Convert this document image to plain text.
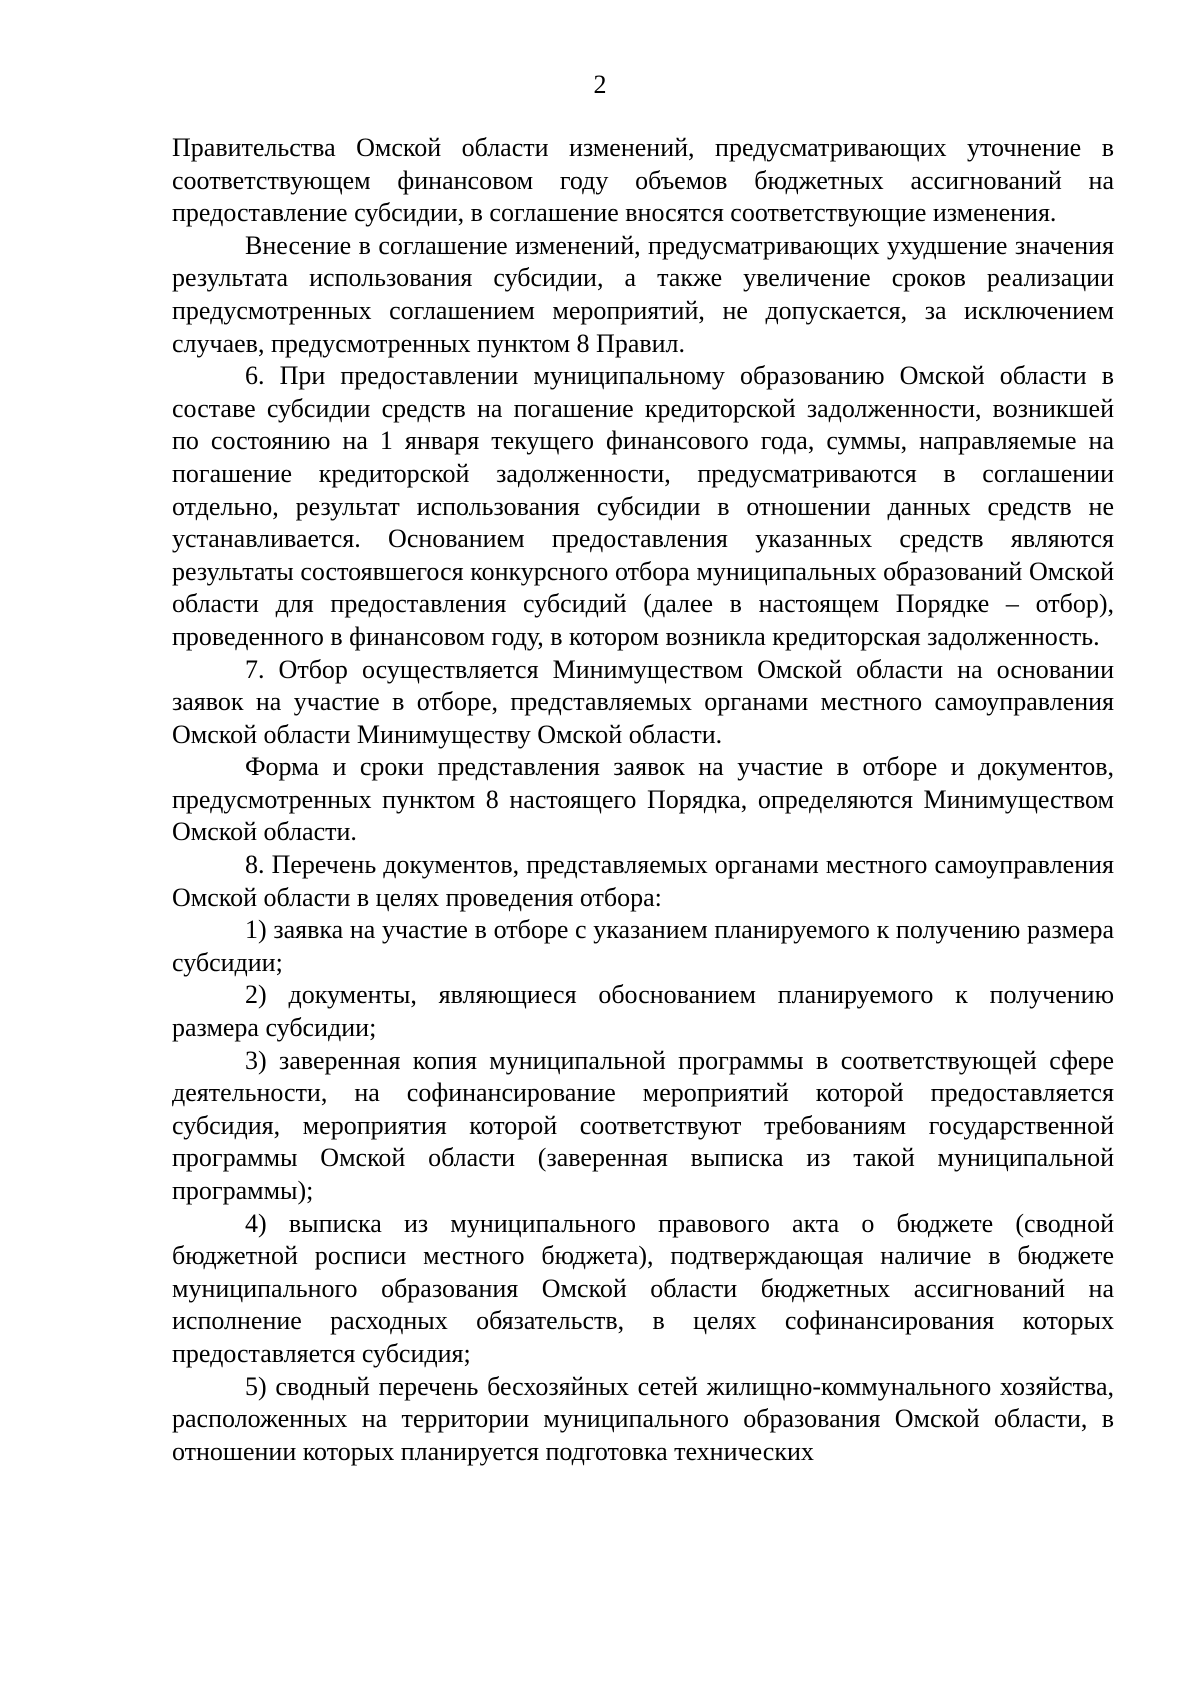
2

Правительства Омской области изменений, предусматривающих уточнение в соответствующем финансовом году объемов бюджетных ассигнований на предоставление субсидии, в соглашение вносятся соответствующие изменения.

Внесение в соглашение изменений, предусматривающих ухудшение значения результата использования субсидии, а также увеличение сроков реализации предусмотренных соглашением мероприятий, не допускается, за исключением случаев, предусмотренных пунктом 8 Правил.

6. При предоставлении муниципальному образованию Омской области в составе субсидии средств на погашение кредиторской задолженности, возникшей по состоянию на 1 января текущего финансового года, суммы, направляемые на погашение кредиторской задолженности, предусматриваются в соглашении отдельно, результат использования субсидии в отношении данных средств не устанавливается. Основанием предоставления указанных средств являются результаты состоявшегося конкурсного отбора муниципальных образований Омской области для предоставления субсидий (далее в настоящем Порядке – отбор), проведенного в финансовом году, в котором возникла кредиторская задолженность.

7. Отбор осуществляется Минимуществом Омской области на основании заявок на участие в отборе, представляемых органами местного самоуправления Омской области Минимуществу Омской области.

Форма и сроки представления заявок на участие в отборе и документов, предусмотренных пунктом 8 настоящего Порядка, определяются Минимуществом Омской области.

8. Перечень документов, представляемых органами местного самоуправления Омской области в целях проведения отбора:

1) заявка на участие в отборе с указанием планируемого к получению размера субсидии;

2) документы, являющиеся обоснованием планируемого к получению размера субсидии;

3) заверенная копия муниципальной программы в соответствующей сфере деятельности, на софинансирование мероприятий которой предоставляется субсидия, мероприятия которой соответствуют требованиям государственной программы Омской области (заверенная выписка из такой муниципальной программы);

4) выписка из муниципального правового акта о бюджете (сводной бюджетной росписи местного бюджета), подтверждающая наличие в бюджете муниципального образования Омской области бюджетных ассигнований на исполнение расходных обязательств, в целях софинансирования которых предоставляется субсидия;

5) сводный перечень бесхозяйных сетей жилищно-коммунального хозяйства, расположенных на территории муниципального образования Омской области, в отношении которых планируется подготовка технических
